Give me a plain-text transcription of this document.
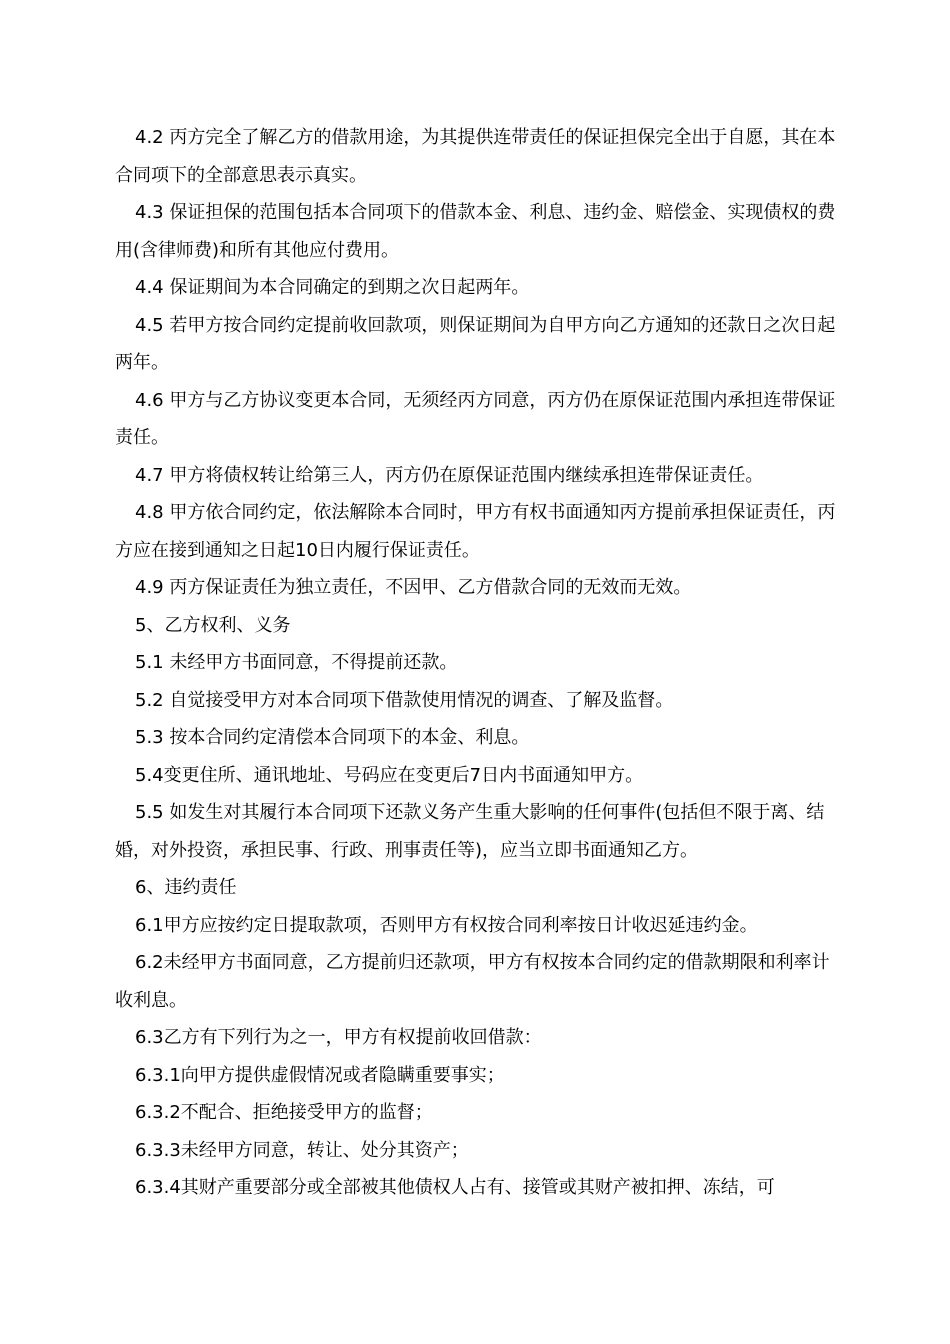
4.2 丙方完全了解乙方的借款用途，为其提供连带责任的保证担保完全出于自愿，其在本合同项下的全部意思表示真实。

4.3 保证担保的范围包括本合同项下的借款本金、利息、违约金、赔偿金、实现债权的费用(含律师费)和所有其他应付费用。

4.4 保证期间为本合同确定的到期之次日起两年。

4.5 若甲方按合同约定提前收回款项，则保证期间为自甲方向乙方通知的还款日之次日起两年。

4.6 甲方与乙方协议变更本合同，无须经丙方同意，丙方仍在原保证范围内承担连带保证责任。

4.7 甲方将债权转让给第三人，丙方仍在原保证范围内继续承担连带保证责任。

4.8 甲方依合同约定，依法解除本合同时，甲方有权书面通知丙方提前承担保证责任，丙方应在接到通知之日起10日内履行保证责任。

4.9 丙方保证责任为独立责任，不因甲、乙方借款合同的无效而无效。

5、乙方权利、义务

5.1 未经甲方书面同意，不得提前还款。

5.2 自觉接受甲方对本合同项下借款使用情况的调查、了解及监督。

5.3 按本合同约定清偿本合同项下的本金、利息。

5.4变更住所、通讯地址、号码应在变更后7日内书面通知甲方。

5.5 如发生对其履行本合同项下还款义务产生重大影响的任何事件(包括但不限于离、结婚，对外投资，承担民事、行政、刑事责任等)，应当立即书面通知乙方。

6、违约责任

6.1甲方应按约定日提取款项，否则甲方有权按合同利率按日计收迟延违约金。

6.2未经甲方书面同意，乙方提前归还款项，甲方有权按本合同约定的借款期限和利率计收利息。

6.3乙方有下列行为之一，甲方有权提前收回借款：

6.3.1向甲方提供虚假情况或者隐瞒重要事实；

6.3.2不配合、拒绝接受甲方的监督；

6.3.3未经甲方同意，转让、处分其资产；

6.3.4其财产重要部分或全部被其他债权人占有、接管或其财产被扣押、冻结，可
